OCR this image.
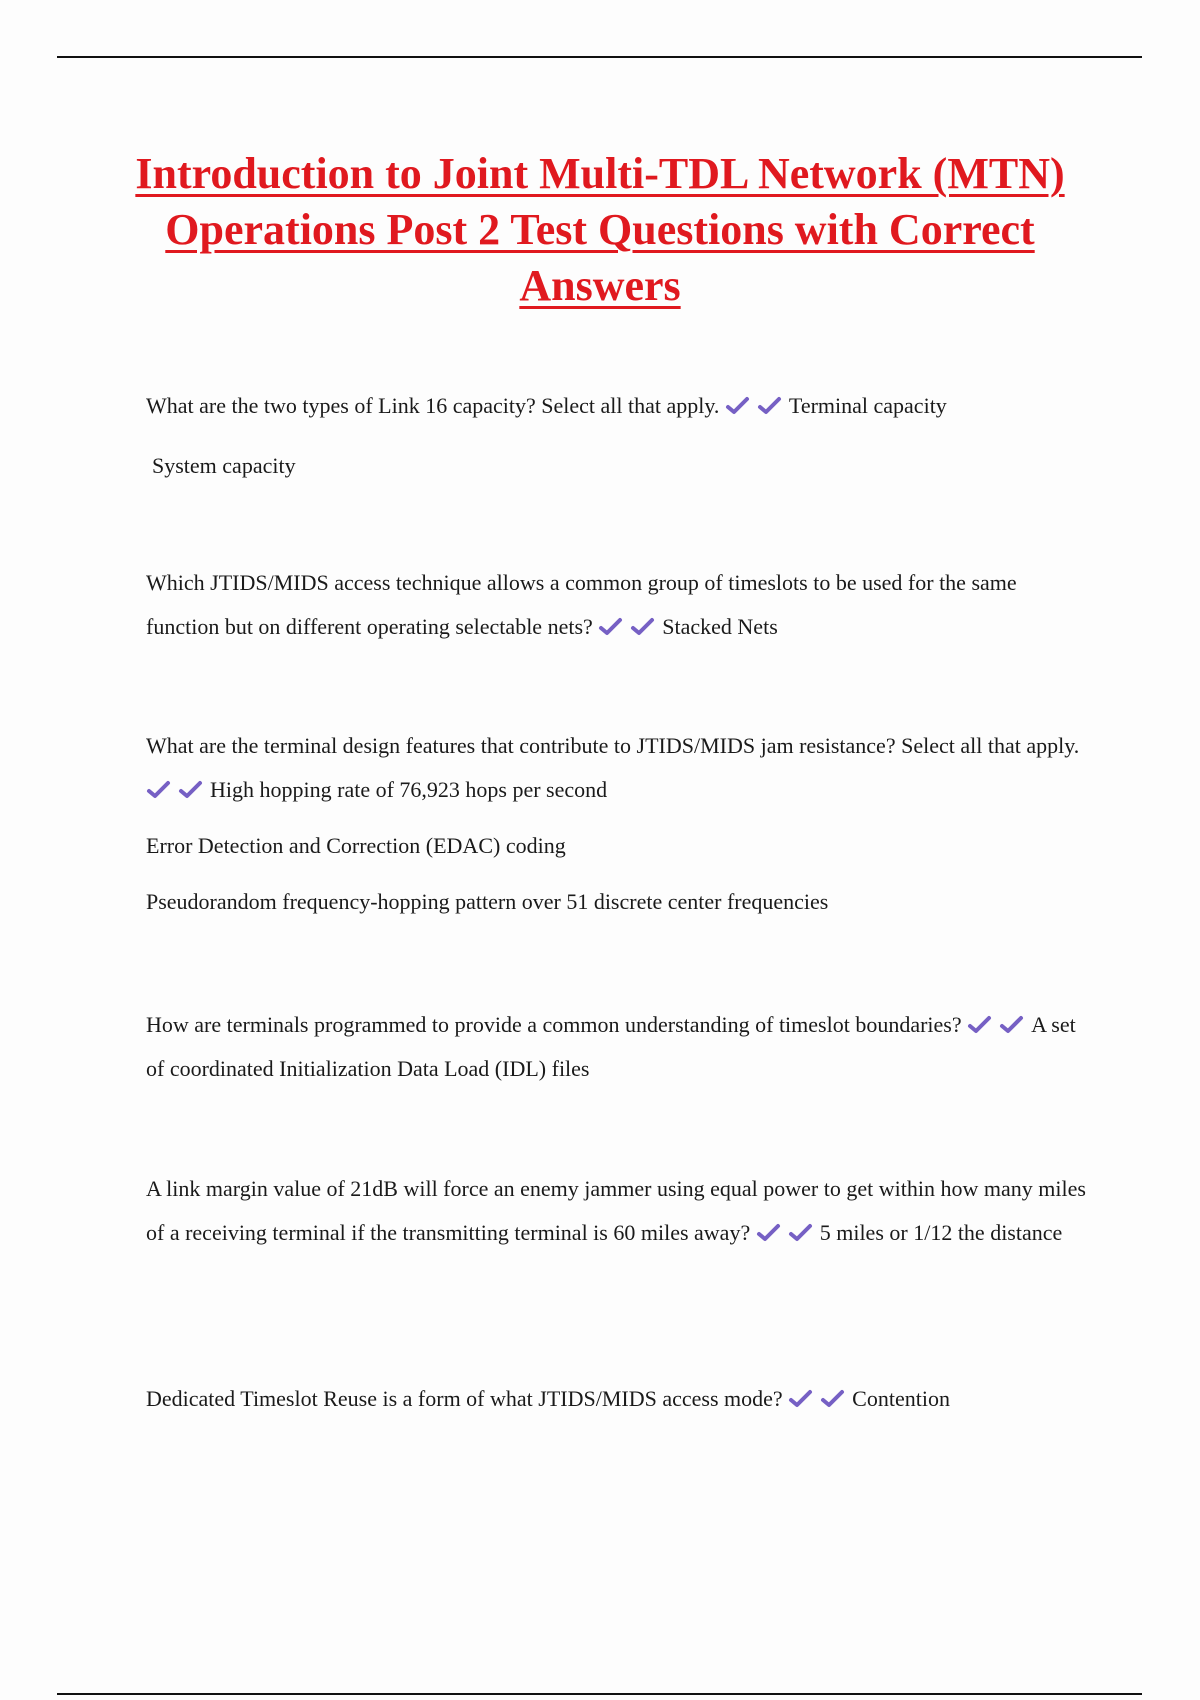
Introduction to Joint Multi-TDL Network (MTN) Operations Post 2 Test Questions with Correct Answers

What are the two types of Link 16 capacity? Select all that apply.	Terminal capacity

System capacity

Which JTIDS/MIDS access technique allows a common group of timeslots to be used for the same function but on different operating selectable nets?	Stacked Nets

What are the terminal design features that contribute to JTIDS/MIDS jam resistance? Select all that apply.
High hopping rate of 76,923 hops per second

Error Detection and Correction (EDAC) coding

Pseudorandom frequency-hopping pattern over 51 discrete center frequencies

How are terminals programmed to provide a common understanding of timeslot boundaries?	A set of coordinated Initialization Data Load (IDL) files

A link margin value of 21dB will force an enemy jammer using equal power to get within how many miles of a receiving terminal if the transmitting terminal is 60 miles away?	5 miles or 1/12 the distance

Dedicated Timeslot Reuse is a form of what JTIDS/MIDS access mode?	Contention
